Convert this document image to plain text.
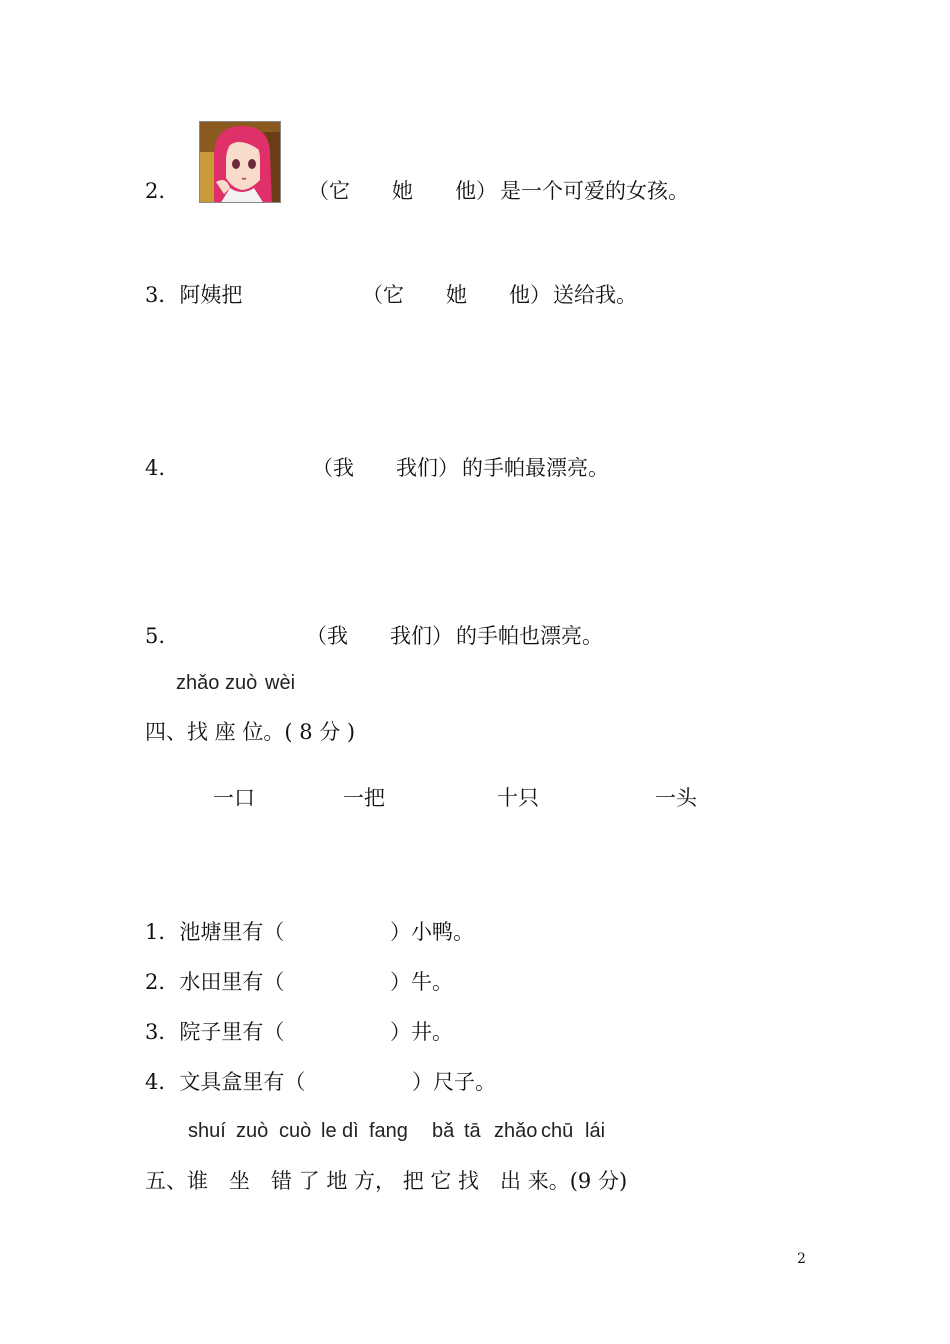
2.	（它　　她　　他） 是一个可爱的女孩。
3．阿姨把	（它　　她　　他） 送给我。
4.	（我　　我们） 的手帕最漂亮。
5.	（我　　我们） 的手帕也漂亮。
zhǎo zuò wèi
四、找 座 位。( 8 分 )
一口	一把	十只	一头
1．池塘里有（	）小鸭。
2．水田里有（	）牛。
3．院子里有（	）井。
4．文具盒里有（	）尺子。
shuí zuò cuò le dì fang bǎ tā zhǎo chū lái
五、谁　坐　错 了 地 方， 把 它 找　出 来。(9 分)
2
